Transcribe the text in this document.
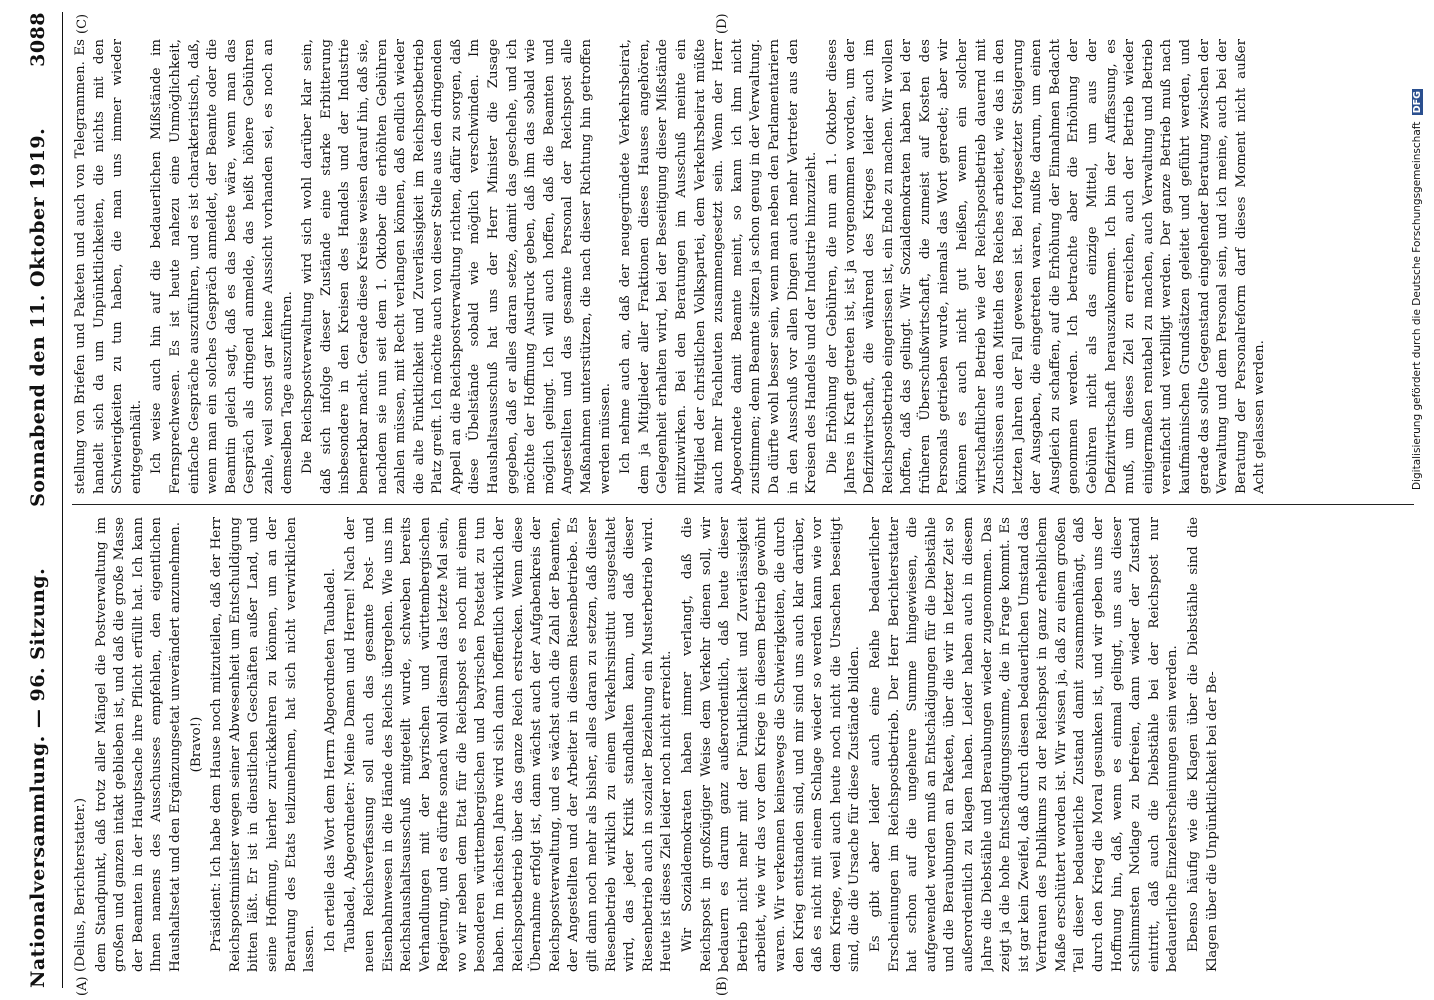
Nationalversammlung. — 96. Sitzung.
Sonnabend den 11. Oktober 1919.
3088

(Delius, Berichterstatter.) dem Standpunkt, daß trotz aller Mängel die Postverwaltung im großen und ganzen intakt geblieben ist, und daß die große Masse der Beamten in der Hauptsache ihre Pflicht erfüllt hat. Ich kann Ihnen namens des Ausschusses empfehlen, den eigentlichen Haushaltsetat und den Ergänzungsetat unverändert anzunehmen. (Bravo!) Präsident: Ich habe dem Hause noch mitzuteilen, daß der Herr Reichspostminister wegen seiner Abwesenheit um Entschuldigung bitten läßt. Er ist in dienstlichen Geschäften außer Land, und seine Hoffnung, hierher zurückkehren zu können, um an der Beratung des Etats teilzunehmen, hat sich nicht verwirklichen lassen. Ich erteile das Wort dem Herrn Abgeordneten Taubadel. Taubadel, Abgeordneter: Meine Damen und Herren! Nach der neuen Reichsverfassung soll auch das gesamte Post- und Eisenbahnwesen in die Hände des Reichs übergehen. Wie uns im Reichshaushaltsausschuß mitgeteilt wurde, schweben bereits Verhandlungen mit der bayrischen und württembergischen Regierung, und es dürfte sonach wohl diesmal das letzte Mal sein, wo wir neben dem Etat für die Reichspost es noch mit einem besonderen württembergischen und bayrischen Postetat zu tun haben. Im nächsten Jahre wird sich dann hoffentlich wirklich der Reichspostbetrieb über das ganze Reich erstrecken. Wenn diese Übernahme erfolgt ist, dann wächst auch der Aufgabenkreis der Reichspostverwaltung, und es wächst auch die Zahl der Beamten, der Angestellten und der Arbeiter in diesem Riesenbetriebe. Es gilt dann noch mehr als bisher, alles daran zu setzen, daß dieser Riesenbetrieb wirklich zu einem Verkehrsinstitut ausgestaltet wird, das jeder Kritik standhalten kann, und daß dieser Riesenbetrieb auch in sozialer Beziehung ein Musterbetrieb wird. Heute ist dieses Ziel leider noch nicht erreicht. Wir Sozialdemokraten haben immer verlangt, daß die Reichspost in großzügiger Weise dem Verkehr dienen soll, wir bedauern es darum ganz außerordentlich, daß heute dieser Betrieb nicht mehr mit der Pünktlichkeit und Zuverlässigkeit arbeitet, wie wir das vor dem Kriege in diesem Betrieb gewöhnt waren. Wir verkennen keineswegs die Schwierigkeiten, die durch den Krieg entstanden sind, und mir sind uns auch klar darüber, daß es nicht mit einem Schlage wieder so werden kann wie vor dem Kriege, weil auch heute noch nicht die Ursachen beseitigt sind, die die Ursache für diese Zustände bilden. Es gibt aber leider auch eine Reihe bedauerlicher Erscheinungen im Reichspostbetrieb. Der Herr Berichterstatter hat schon auf die ungeheure Summe hingewiesen, die aufgewendet werden muß an Entschädigungen für die Diebstähle und die Beraubungen an Paketen, über die wir in letzter Zeit so außerordentlich zu klagen haben. Leider haben auch in diesem Jahre die Diebstähle und Beraubungen wieder zugenommen. Das zeigt ja die hohe Entschädigungssumme, die in Frage kommt. Es ist gar kein Zweifel, daß durch diesen bedauerlichen Umstand das Vertrauen des Publikums zu der Reichspost in ganz erheblichem Maße erschüttert worden ist. Wir wissen ja, daß zu einem großen Teil dieser bedauerliche Zustand damit zusammenhängt, daß durch den Krieg die Moral gesunken ist, und wir geben uns der Hoffnung hin, daß, wenn es einmal gelingt, uns aus dieser schlimmsten Notlage zu befreien, dann wieder der Zustand eintritt, daß auch die Diebstähle bei der Reichspost nur bedauerliche Einzelerscheinungen sein werden. Ebenso häufig wie die Klagen über die Diebstähle sind die Klagen über die Unpünktlichkeit bei der Be-

stellung von Briefen und Paketen und auch von Telegrammen. Es handelt sich da um Unpünktlichkeiten, die nichts mit den Schwierigkeiten zu tun haben, die man uns immer wieder entgegenhält. Ich weise auch hin auf die bedauerlichen Mißstände im Fernsprechwesen. Es ist heute nahezu eine Unmöglichkeit, einfache Gespräche auszuführen, und es ist charakteristisch, daß, wenn man ein solches Gespräch anmeldet, der Beamte oder die Beamtin gleich sagt, daß es das beste wäre, wenn man das Gespräch als dringend anmelde, das heißt höhere Gebühren zahle, weil sonst gar keine Aussicht vorhanden sei, es noch an demselben Tage auszuführen. Die Reichspostverwaltung wird sich wohl darüber klar sein, daß sich infolge dieser Zustände eine starke Erbitterung insbesondere in den Kreisen des Handels und der Industrie bemerkbar macht. Gerade diese Kreise weisen darauf hin, daß sie, nachdem sie nun seit dem 1. Oktober die erhöhten Gebühren zahlen müssen, mit Recht verlangen können, daß endlich wieder die alte Pünktlichkeit und Zuverlässigkeit im Reichspostbetrieb Platz greift. Ich möchte auch von dieser Stelle aus den dringenden Appell an die Reichspostverwaltung richten, dafür zu sorgen, daß diese Übelstände sobald wie möglich verschwinden. Im Haushaltsausschuß hat uns der Herr Minister die Zusage gegeben, daß er alles daran setze, damit das geschehe, und ich möchte der Hoffnung Ausdruck geben, daß ihm das sobald wie möglich gelingt. Ich will auch hoffen, daß die Beamten und Angestellten und das gesamte Personal der Reichspost alle Maßnahmen unterstützen, die nach dieser Richtung hin getroffen werden müssen. Ich nehme auch an, daß der neugegründete Verkehrsbeirat, dem ja Mitglieder aller Fraktionen dieses Hauses angehören, Gelegenheit erhalten wird, bei der Beseitigung dieser Mißstände mitzuwirken. Bei den Beratungen im Ausschuß meinte ein Mitglied der christlichen Volkspartei, dem Verkehrsbeirat müßte auch mehr Fachleuten zusammengesetzt sein. Wenn der Herr Abgeordnete damit Beamte meint, so kann ich ihm nicht zustimmen; denn Beamte sitzen ja schon genug in der Verwaltung. Da dürfte wohl besser sein, wenn man neben den Parlamentariern in den Ausschuß vor allen Dingen auch mehr Vertreter aus den Kreisen des Handels und der Industrie hinzuzieht. Die Erhöhung der Gebühren, die nun am 1. Oktober dieses Jahres in Kraft getreten ist, ist ja vorgenommen worden, um der Defizitwirtschaft, die während des Krieges leider auch im Reichspostbetrieb eingerissen ist, ein Ende zu machen. Wir wollen hoffen, daß das gelingt. Wir Sozialdemokraten haben bei der früheren Überschußwirtschaft, die zumeist auf Kosten des Personals getrieben wurde, niemals das Wort geredet; aber wir können es auch nicht gut heißen, wenn ein solcher wirtschaftlicher Betrieb wie der Reichspostbetrieb dauernd mit Zuschüssen aus den Mitteln des Reiches arbeitet, wie das in den letzten Jahren der Fall gewesen ist. Bei fortgesetzter Steigerung der Ausgaben, die eingetreten waren, mußte darum, um einen Ausgleich zu schaffen, auf die Erhöhung der Einnahmen Bedacht genommen werden. Ich betrachte aber die Erhöhung der Gebühren nicht als das einzige Mittel, um aus der Defizitwirtschaft herauszukommen. Ich bin der Auffassung, es muß, um dieses Ziel zu erreichen, auch der Betrieb wieder einigermaßen rentabel zu machen, auch Verwaltung und Betrieb vereinfacht und verbilligt werden. Der ganze Betrieb muß nach kaufmännischen Grundsätzen geleitet und geführt werden, und gerade das sollte Gegenstand eingehender Beratung zwischen der Verwaltung und dem Personal sein, und ich meine, auch bei der Beratung der Personalreform darf dieses Moment nicht außer Acht gelassen werden.

(A)	(B)
(C)	(D)
Digitalisierung gefördert durch die Deutsche Forschungsgemeinschaft DFG
